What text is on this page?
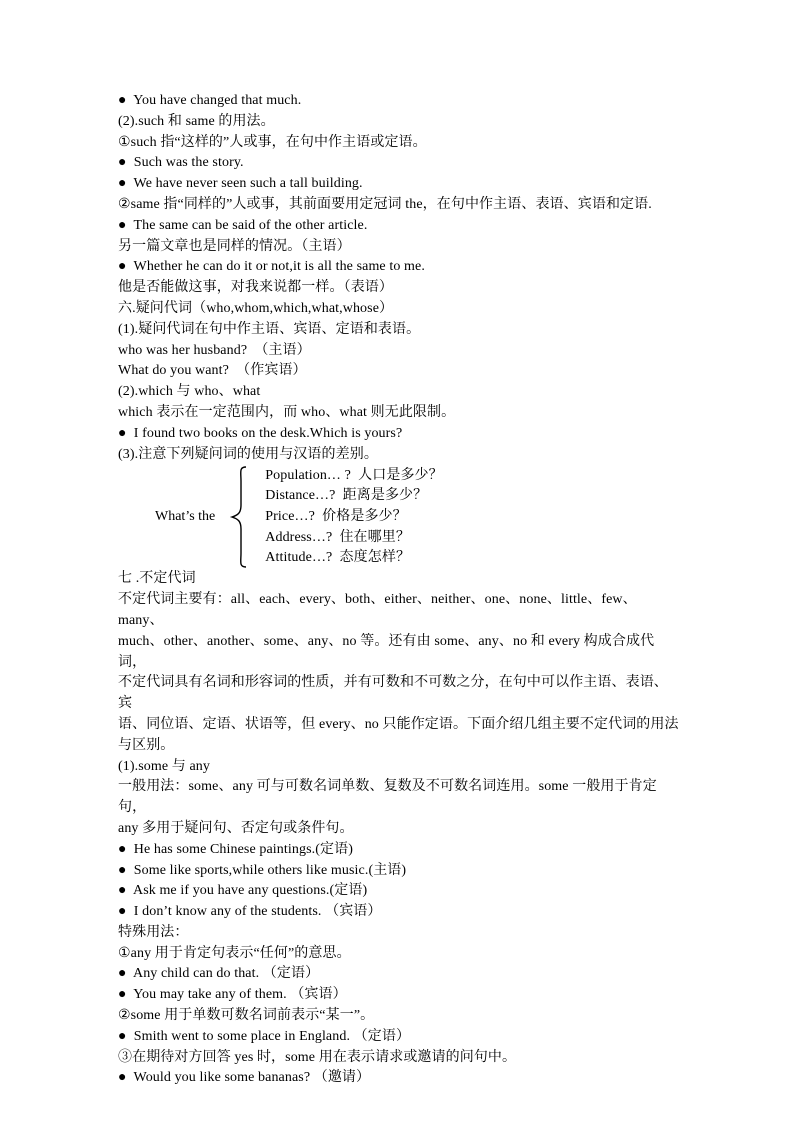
●  You have changed that much.
(2).such 和 same 的用法。
①such 指“这样的”人或事，在句中作主语或定语。
●  Such was the story.
●  We have never seen such a tall building.
②same 指“同样的”人或事，其前面要用定冠词 the，在句中作主语、表语、宾语和定语.
●  The same can be said of the other article.
另一篇文章也是同样的情况。（主语）
●  Whether he can do it or not,it is all the same to me.
他是否能做这事，对我来说都一样。（表语）
六.疑问代词（who,whom,which,what,whose）
(1).疑问代词在句中作主语、宾语、定语和表语。
who was her husband?  （主语）
What do you want?  （作宾语）
(2).which 与 who、what
which 表示在一定范围内，而 who、what 则无此限制。
●  I found two books on the desk.Which is yours?
(3).注意下列疑问词的使用与汉语的差别。
What’s the
Population… ?  人口是多少？
Distance…?  距离是多少？
Price…?  价格是多少？
Address…?  住在哪里？
Attitude…?  态度怎样？
七 .不定代词
不定代词主要有：all、each、every、both、either、neither、one、none、little、few、many、
much、other、another、some、any、no 等。还有由 some、any、no 和 every 构成合成代词，
不定代词具有名词和形容词的性质，并有可数和不可数之分，在句中可以作主语、表语、宾
语、同位语、定语、状语等，但 every、no 只能作定语。下面介绍几组主要不定代词的用法
与区别。
(1).some 与 any
一般用法：some、any 可与可数名词单数、复数及不可数名词连用。some 一般用于肯定句，
any 多用于疑问句、否定句或条件句。
●  He has some Chinese paintings.(定语)
●  Some like sports,while others like music.(主语)
●  Ask me if you have any questions.(定语)
●  I don’t know any of the students. （宾语）
特殊用法：
①any 用于肯定句表示“任何”的意思。
●  Any child can do that. （定语）
●  You may take any of them. （宾语）
②some 用于单数可数名词前表示“某一”。
●  Smith went to some place in England. （定语）
③在期待对方回答 yes 时，some 用在表示请求或邀请的问句中。
●  Would you like some bananas? （邀请）
